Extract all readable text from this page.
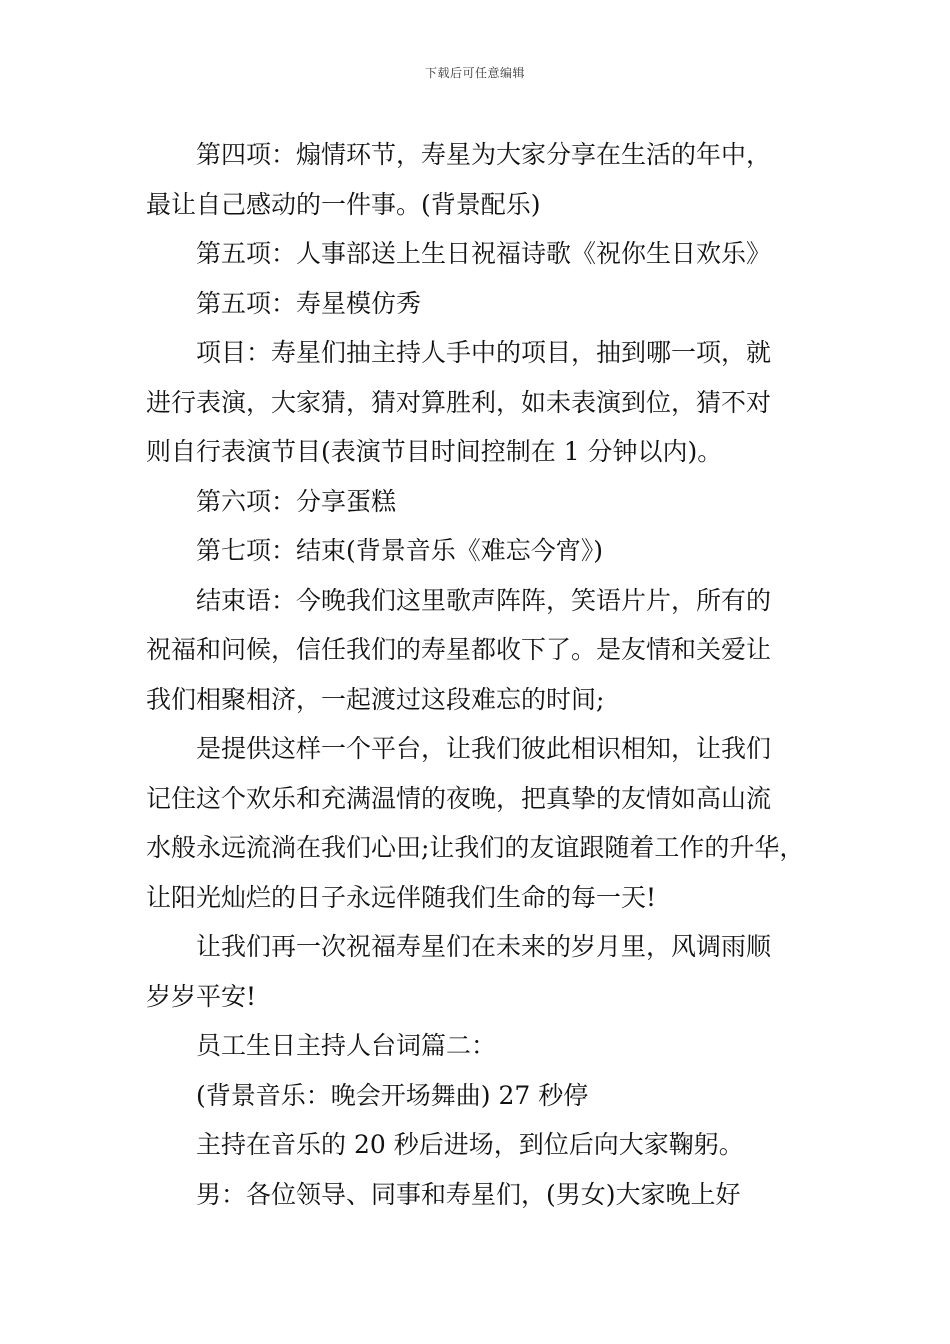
下载后可任意编辑
第四项：煽情环节，寿星为大家分享在生活的年中，
最让自己感动的一件事。(背景配乐)
第五项：人事部送上生日祝福诗歌《祝你生日欢乐》
第五项：寿星模仿秀
项目：寿星们抽主持人手中的项目，抽到哪一项，就
进行表演，大家猜，猜对算胜利，如未表演到位，猜不对
则自行表演节目(表演节目时间控制在 1 分钟以内)。
第六项：分享蛋糕
第七项：结束(背景音乐《难忘今宵》)
结束语：今晚我们这里歌声阵阵，笑语片片，所有的
祝福和问候，信任我们的寿星都收下了。是友情和关爱让
我们相聚相济，一起渡过这段难忘的时间;
是提供这样一个平台，让我们彼此相识相知，让我们
记住这个欢乐和充满温情的夜晚，把真挚的友情如高山流
水般永远流淌在我们心田;让我们的友谊跟随着工作的升华，
让阳光灿烂的日子永远伴随我们生命的每一天!
让我们再一次祝福寿星们在未来的岁月里，风调雨顺
岁岁平安!
员工生日主持人台词篇二：
(背景音乐：晚会开场舞曲) 27 秒停
主持在音乐的 20 秒后进场，到位后向大家鞠躬。
男：各位领导、同事和寿星们，(男女)大家晚上好
